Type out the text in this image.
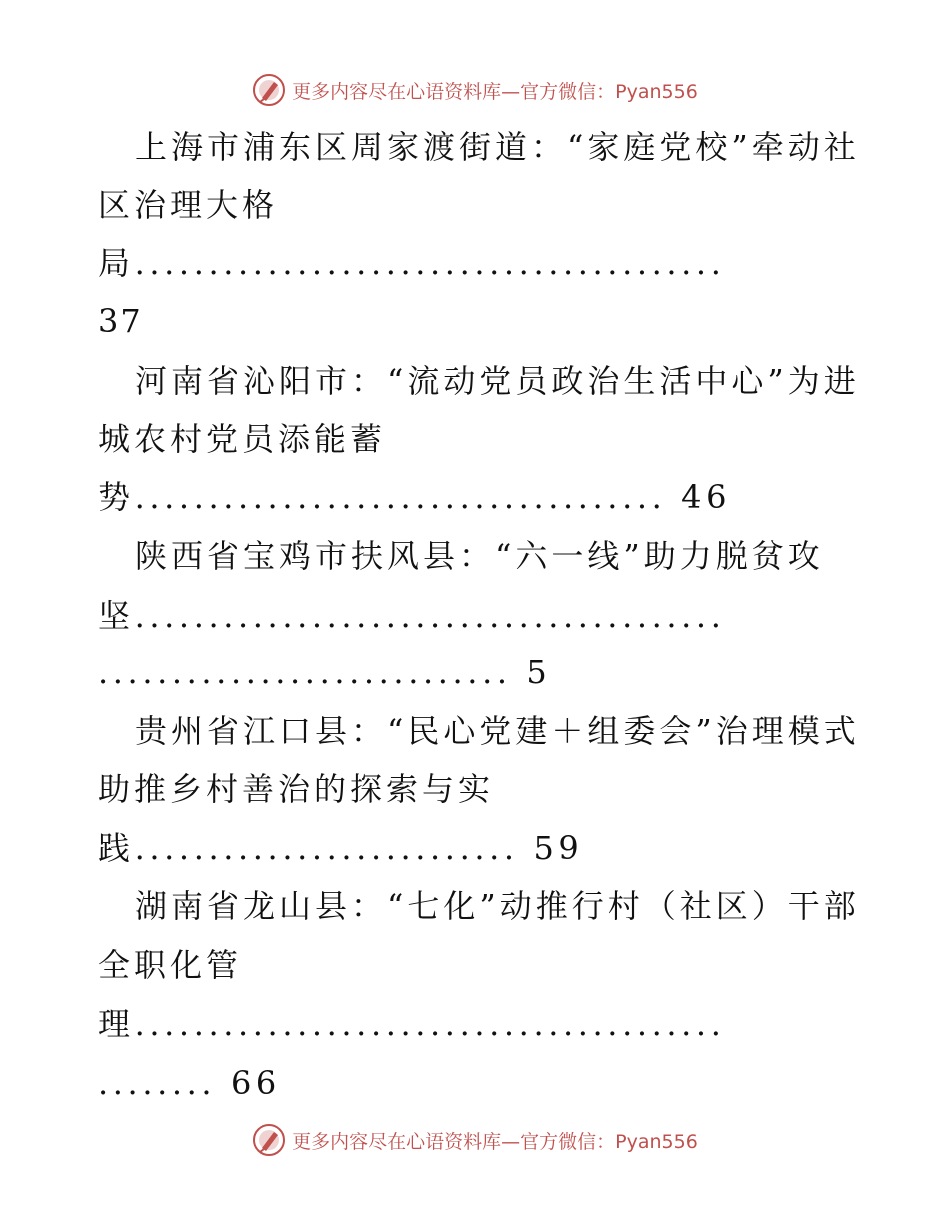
更多内容尽在心语资料库—官方微信：Pyan556
上海市浦东区周家渡街道：“家庭党校”牵动社
区治理大格
局........................................
37
河南省沁阳市：“流动党员政治生活中心”为进
城农村党员添能蓄
势.................................... 46
陕西省宝鸡市扶风县：“六一线”助力脱贫攻
坚........................................
............................ 5
贵州省江口县：“民心党建＋组委会”治理模式
助推乡村善治的探索与实
践.......................... 59
湖南省龙山县：“七化”动推行村（社区）干部
全职化管
理........................................
........ 66
更多内容尽在心语资料库—官方微信：Pyan556
